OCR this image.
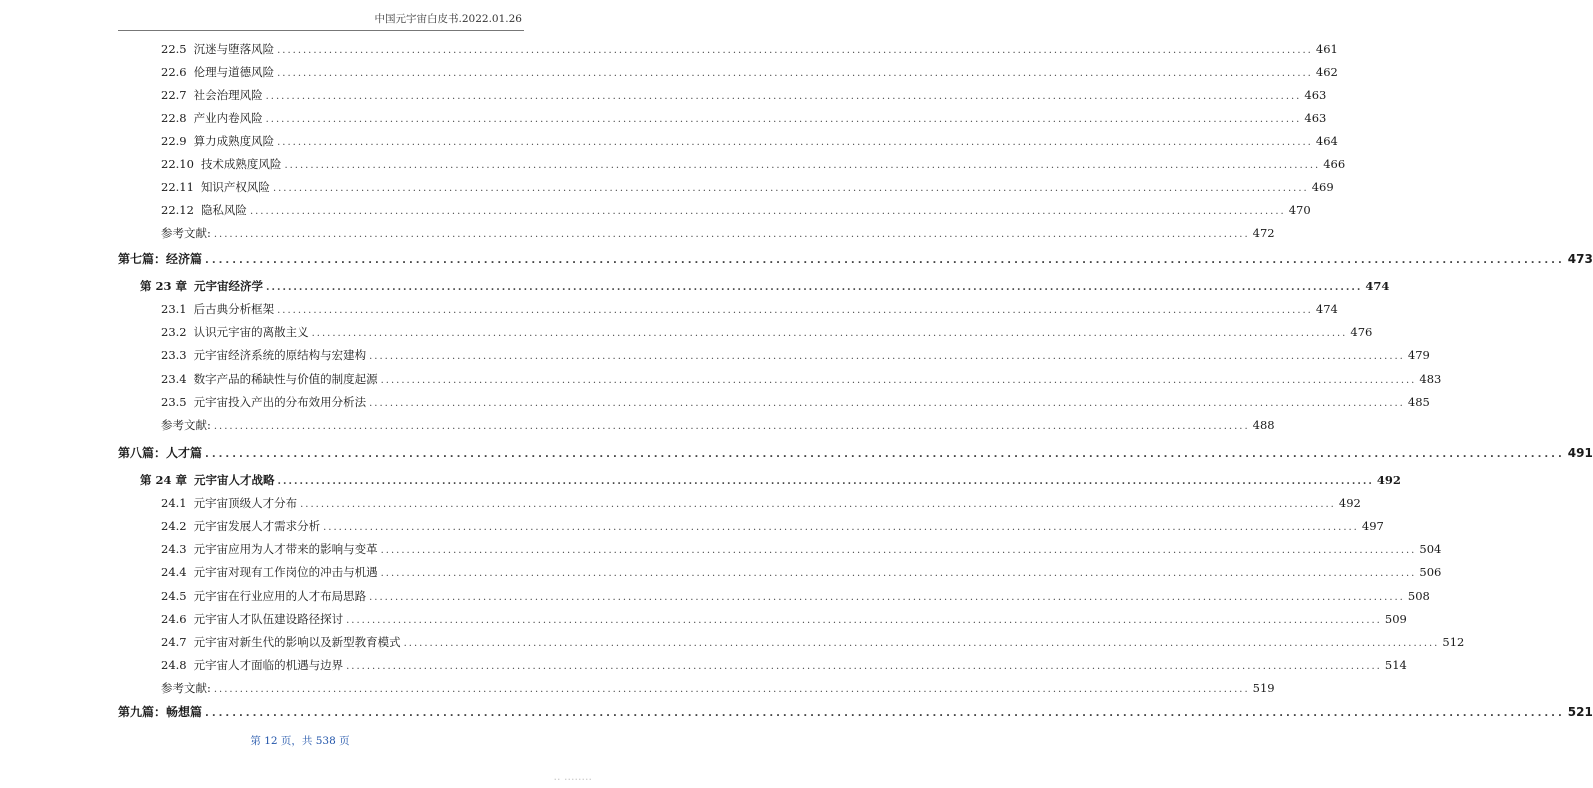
中国元宇宙白皮书.2022.01.26
22.5 沉迷与堕落风险 ........................................................................................................................................................................................................ 461
22.6 伦理与道德风险 ........................................................................................................................................................................................................ 462
22.7 社会治理风险 ........................................................................................................................................................................................................ 463
22.8 产业内卷风险 ........................................................................................................................................................................................................ 463
22.9 算力成熟度风险 ........................................................................................................................................................................................................ 464
22.10 技术成熟度风险 ........................................................................................................................................................................................................ 466
22.11 知识产权风险 ........................................................................................................................................................................................................ 469
22.12 隐私风险 ........................................................................................................................................................................................................ 470
参考文献: ........................................................................................................................................................................................................ 472
第七篇：经济篇 ........................................................................................................................................................................................................ 473
第 23 章 元宇宙经济学 ........................................................................................................................................................................................................ 474
23.1 后古典分析框架 ........................................................................................................................................................................................................ 474
23.2 认识元宇宙的离散主义 ........................................................................................................................................................................................................ 476
23.3 元宇宙经济系统的原结构与宏建构 ........................................................................................................................................................................................................ 479
23.4 数字产品的稀缺性与价值的制度起源 ........................................................................................................................................................................................................ 483
23.5 元宇宙投入产出的分布效用分析法 ........................................................................................................................................................................................................ 485
参考文献: ........................................................................................................................................................................................................ 488
第八篇：人才篇 ........................................................................................................................................................................................................ 491
第 24 章 元宇宙人才战略 ........................................................................................................................................................................................................ 492
24.1 元宇宙顶级人才分布 ........................................................................................................................................................................................................ 492
24.2 元宇宙发展人才需求分析 ........................................................................................................................................................................................................ 497
24.3 元宇宙应用为人才带来的影响与变革 ........................................................................................................................................................................................................ 504
24.4 元宇宙对现有工作岗位的冲击与机遇 ........................................................................................................................................................................................................ 506
24.5 元宇宙在行业应用的人才布局思路 ........................................................................................................................................................................................................ 508
24.6 元宇宙人才队伍建设路径探讨 ........................................................................................................................................................................................................ 509
24.7 元宇宙对新生代的影响以及新型教育模式 ........................................................................................................................................................................................................ 512
24.8 元宇宙人才面临的机遇与边界 ........................................................................................................................................................................................................ 514
参考文献: ........................................................................................................................................................................................................ 519
第九篇：畅想篇 ........................................................................................................................................................................................................ 521
第 12 页，共 538 页
·· ········
